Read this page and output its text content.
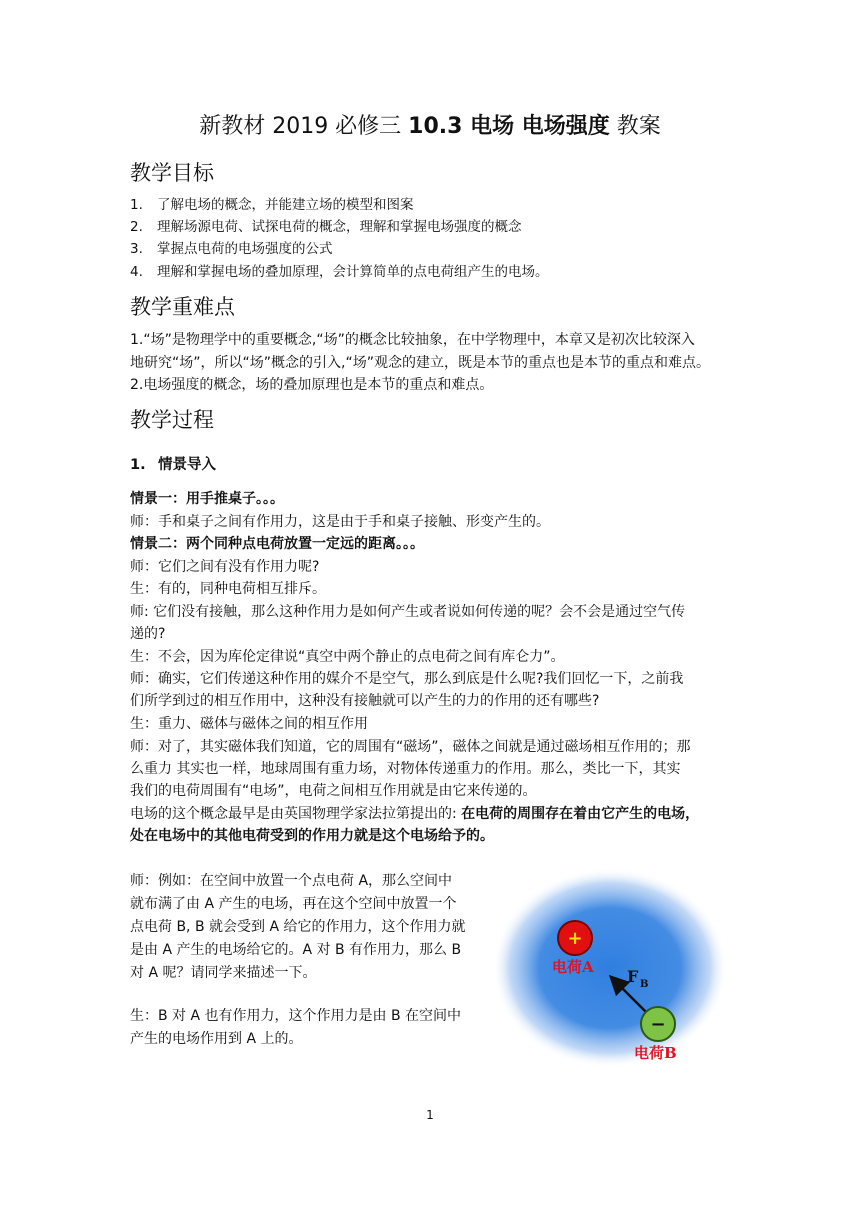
新教材 2019 必修三 10.3 电场 电场强度 教案
教学目标
1. 了解电场的概念，并能建立场的模型和图案
2. 理解场源电荷、试探电荷的概念，理解和掌握电场强度的概念
3. 掌握点电荷的电场强度的公式
4. 理解和掌握电场的叠加原理，会计算简单的点电荷组产生的电场。
教学重难点
1.“场”是物理学中的重要概念,“场”的概念比较抽象，在中学物理中，本章又是初次比较深入
地研究“场”，所以“场”概念的引入,“场”观念的建立，既是本节的重点也是本节的重点和难点。
2.电场强度的概念，场的叠加原理也是本节的重点和难点。
教学过程
1. 情景导入
情景一：用手推桌子。。。
师：手和桌子之间有作用力，这是由于手和桌子接触、形变产生的。
情景二：两个同种点电荷放置一定远的距离。。。
师：它们之间有没有作用力呢?
生：有的，同种电荷相互排斥。
师: 它们没有接触，那么这种作用力是如何产生或者说如何传递的呢？会不会是通过空气传
递的?
生：不会，因为库伦定律说“真空中两个静止的点电荷之间有库仑力”。
师：确实，它们传递这种作用的媒介不是空气，那么到底是什么呢?我们回忆一下，之前我
们所学到过的相互作用中，这种没有接触就可以产生的力的作用的还有哪些?
生：重力、磁体与磁体之间的相互作用
师：对了，其实磁体我们知道，它的周围有“磁场”，磁体之间就是通过磁场相互作用的；那
么重力 其实也一样，地球周围有重力场，对物体传递重力的作用。那么，类比一下，其实
我们的电荷周围有“电场”，电荷之间相互作用就是由它来传递的。
电场的这个概念最早是由英国物理学家法拉第提出的: 在电荷的周围存在着由它产生的电场，
处在电场中的其他电荷受到的作用力就是这个电场给予的。
师：例如：在空间中放置一个点电荷 A，那么空间中
就布满了由 A 产生的电场，再在这个空间中放置一个
点电荷 B, B 就会受到 A 给它的作用力，这个作用力就
是由 A 产生的电场给它的。A 对 B 有作用力，那么 B
对 A 呢？请同学来描述一下。
生：B 对 A 也有作用力，这个作用力是由 B 在空间中
产生的电场作用到 A 上的。
+
电荷A F B
−
电荷B
1
